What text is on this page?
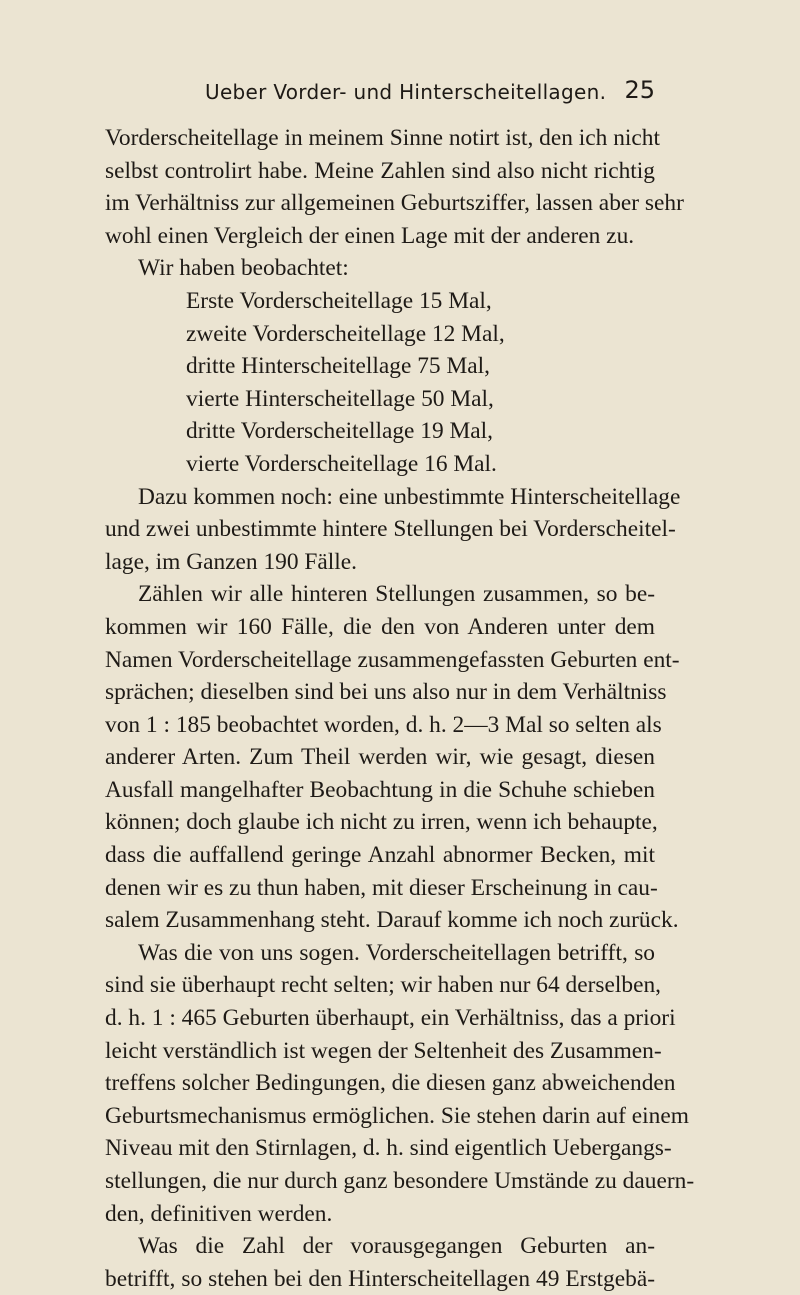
Ueber Vorder- und Hinterscheitellagen. 25
Vorderscheitellage in meinem Sinne notirt ist, den ich nicht
selbst controlirt habe. Meine Zahlen sind also nicht richtig
im Verhältniss zur allgemeinen Geburtsziffer, lassen aber sehr
wohl einen Vergleich der einen Lage mit der anderen zu.
Wir haben beobachtet:
Erste Vorderscheitellage 15 Mal,
zweite Vorderscheitellage 12 Mal,
dritte Hinterscheitellage 75 Mal,
vierte Hinterscheitellage 50 Mal,
dritte Vorderscheitellage 19 Mal,
vierte Vorderscheitellage 16 Mal.
Dazu kommen noch: eine unbestimmte Hinterscheitellage
und zwei unbestimmte hintere Stellungen bei Vorderscheitel-
lage, im Ganzen 190 Fälle.
Zählen wir alle hinteren Stellungen zusammen, so be-
kommen wir 160 Fälle, die den von Anderen unter dem
Namen Vorderscheitellage zusammengefassten Geburten ent-
sprächen; dieselben sind bei uns also nur in dem Verhältniss
von 1 : 185 beobachtet worden, d. h. 2—3 Mal so selten als
anderer Arten. Zum Theil werden wir, wie gesagt, diesen
Ausfall mangelhafter Beobachtung in die Schuhe schieben
können; doch glaube ich nicht zu irren, wenn ich behaupte,
dass die auffallend geringe Anzahl abnormer Becken, mit
denen wir es zu thun haben, mit dieser Erscheinung in cau-
salem Zusammenhang steht. Darauf komme ich noch zurück.
Was die von uns sogen. Vorderscheitellagen betrifft, so
sind sie überhaupt recht selten; wir haben nur 64 derselben,
d. h. 1 : 465 Geburten überhaupt, ein Verhältniss, das a priori
leicht verständlich ist wegen der Seltenheit des Zusammen-
treffens solcher Bedingungen, die diesen ganz abweichenden
Geburtsmechanismus ermöglichen. Sie stehen darin auf einem
Niveau mit den Stirnlagen, d. h. sind eigentlich Uebergangs-
stellungen, die nur durch ganz besondere Umstände zu dauern-
den, definitiven werden.
Was die Zahl der vorausgegangen Geburten an-
betrifft, so stehen bei den Hinterscheitellagen 49 Erstgebä-
